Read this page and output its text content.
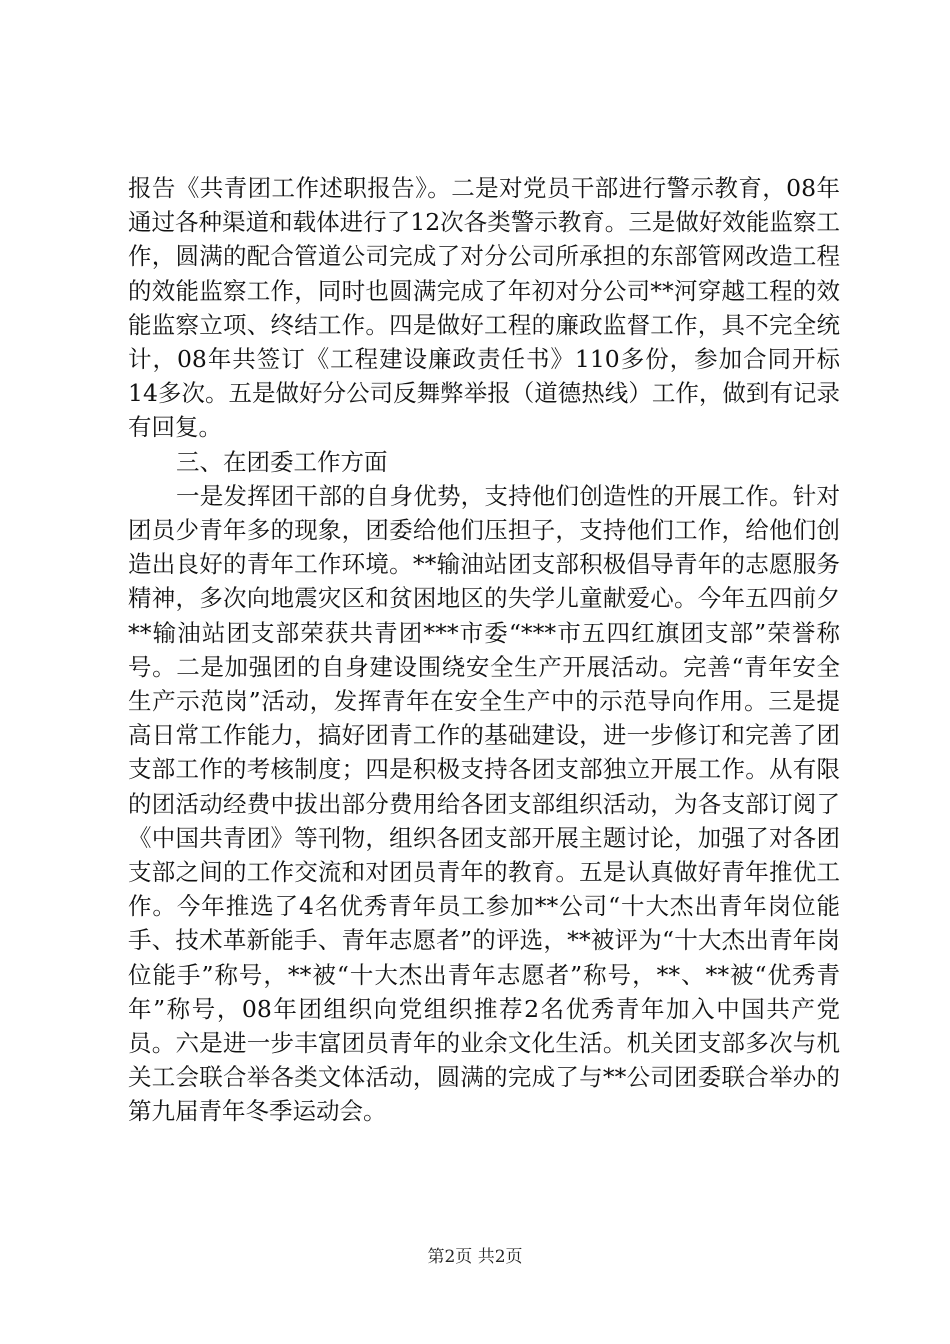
报告《共青团工作述职报告》。二是对党员干部进行警示教育，08年通过各种渠道和载体进行了12次各类警示教育。三是做好效能监察工作，圆满的配合管道公司完成了对分公司所承担的东部管网改造工程的效能监察工作，同时也圆满完成了年初对分公司**河穿越工程的效能监察立项、终结工作。四是做好工程的廉政监督工作，具不完全统计，08年共签订《工程建设廉政责任书》110多份，参加合同开标14多次。五是做好分公司反舞弊举报（道德热线）工作，做到有记录有回复。

三、在团委工作方面

一是发挥团干部的自身优势，支持他们创造性的开展工作。针对团员少青年多的现象，团委给他们压担子，支持他们工作，给他们创造出良好的青年工作环境。**输油站团支部积极倡导青年的志愿服务精神，多次向地震灾区和贫困地区的失学儿童献爱心。今年五四前夕**输油站团支部荣获共青团***市委“***市五四红旗团支部”荣誉称号。二是加强团的自身建设围绕安全生产开展活动。完善“青年安全生产示范岗”活动，发挥青年在安全生产中的示范导向作用。三是提高日常工作能力，搞好团青工作的基础建设，进一步修订和完善了团支部工作的考核制度；四是积极支持各团支部独立开展工作。从有限的团活动经费中拔出部分费用给各团支部组织活动，为各支部订阅了《中国共青团》等刊物，组织各团支部开展主题讨论，加强了对各团支部之间的工作交流和对团员青年的教育。五是认真做好青年推优工作。今年推选了4名优秀青年员工参加**公司“十大杰出青年岗位能手、技术革新能手、青年志愿者”的评选，**被评为“十大杰出青年岗位能手”称号，**被“十大杰出青年志愿者”称号，**、**被“优秀青年”称号，08年团组织向党组织推荐2名优秀青年加入中国共产党员。六是进一步丰富团员青年的业余文化生活。机关团支部多次与机关工会联合举各类文体活动，圆满的完成了与**公司团委联合举办的第九届青年冬季运动会。

第2页 共2页
